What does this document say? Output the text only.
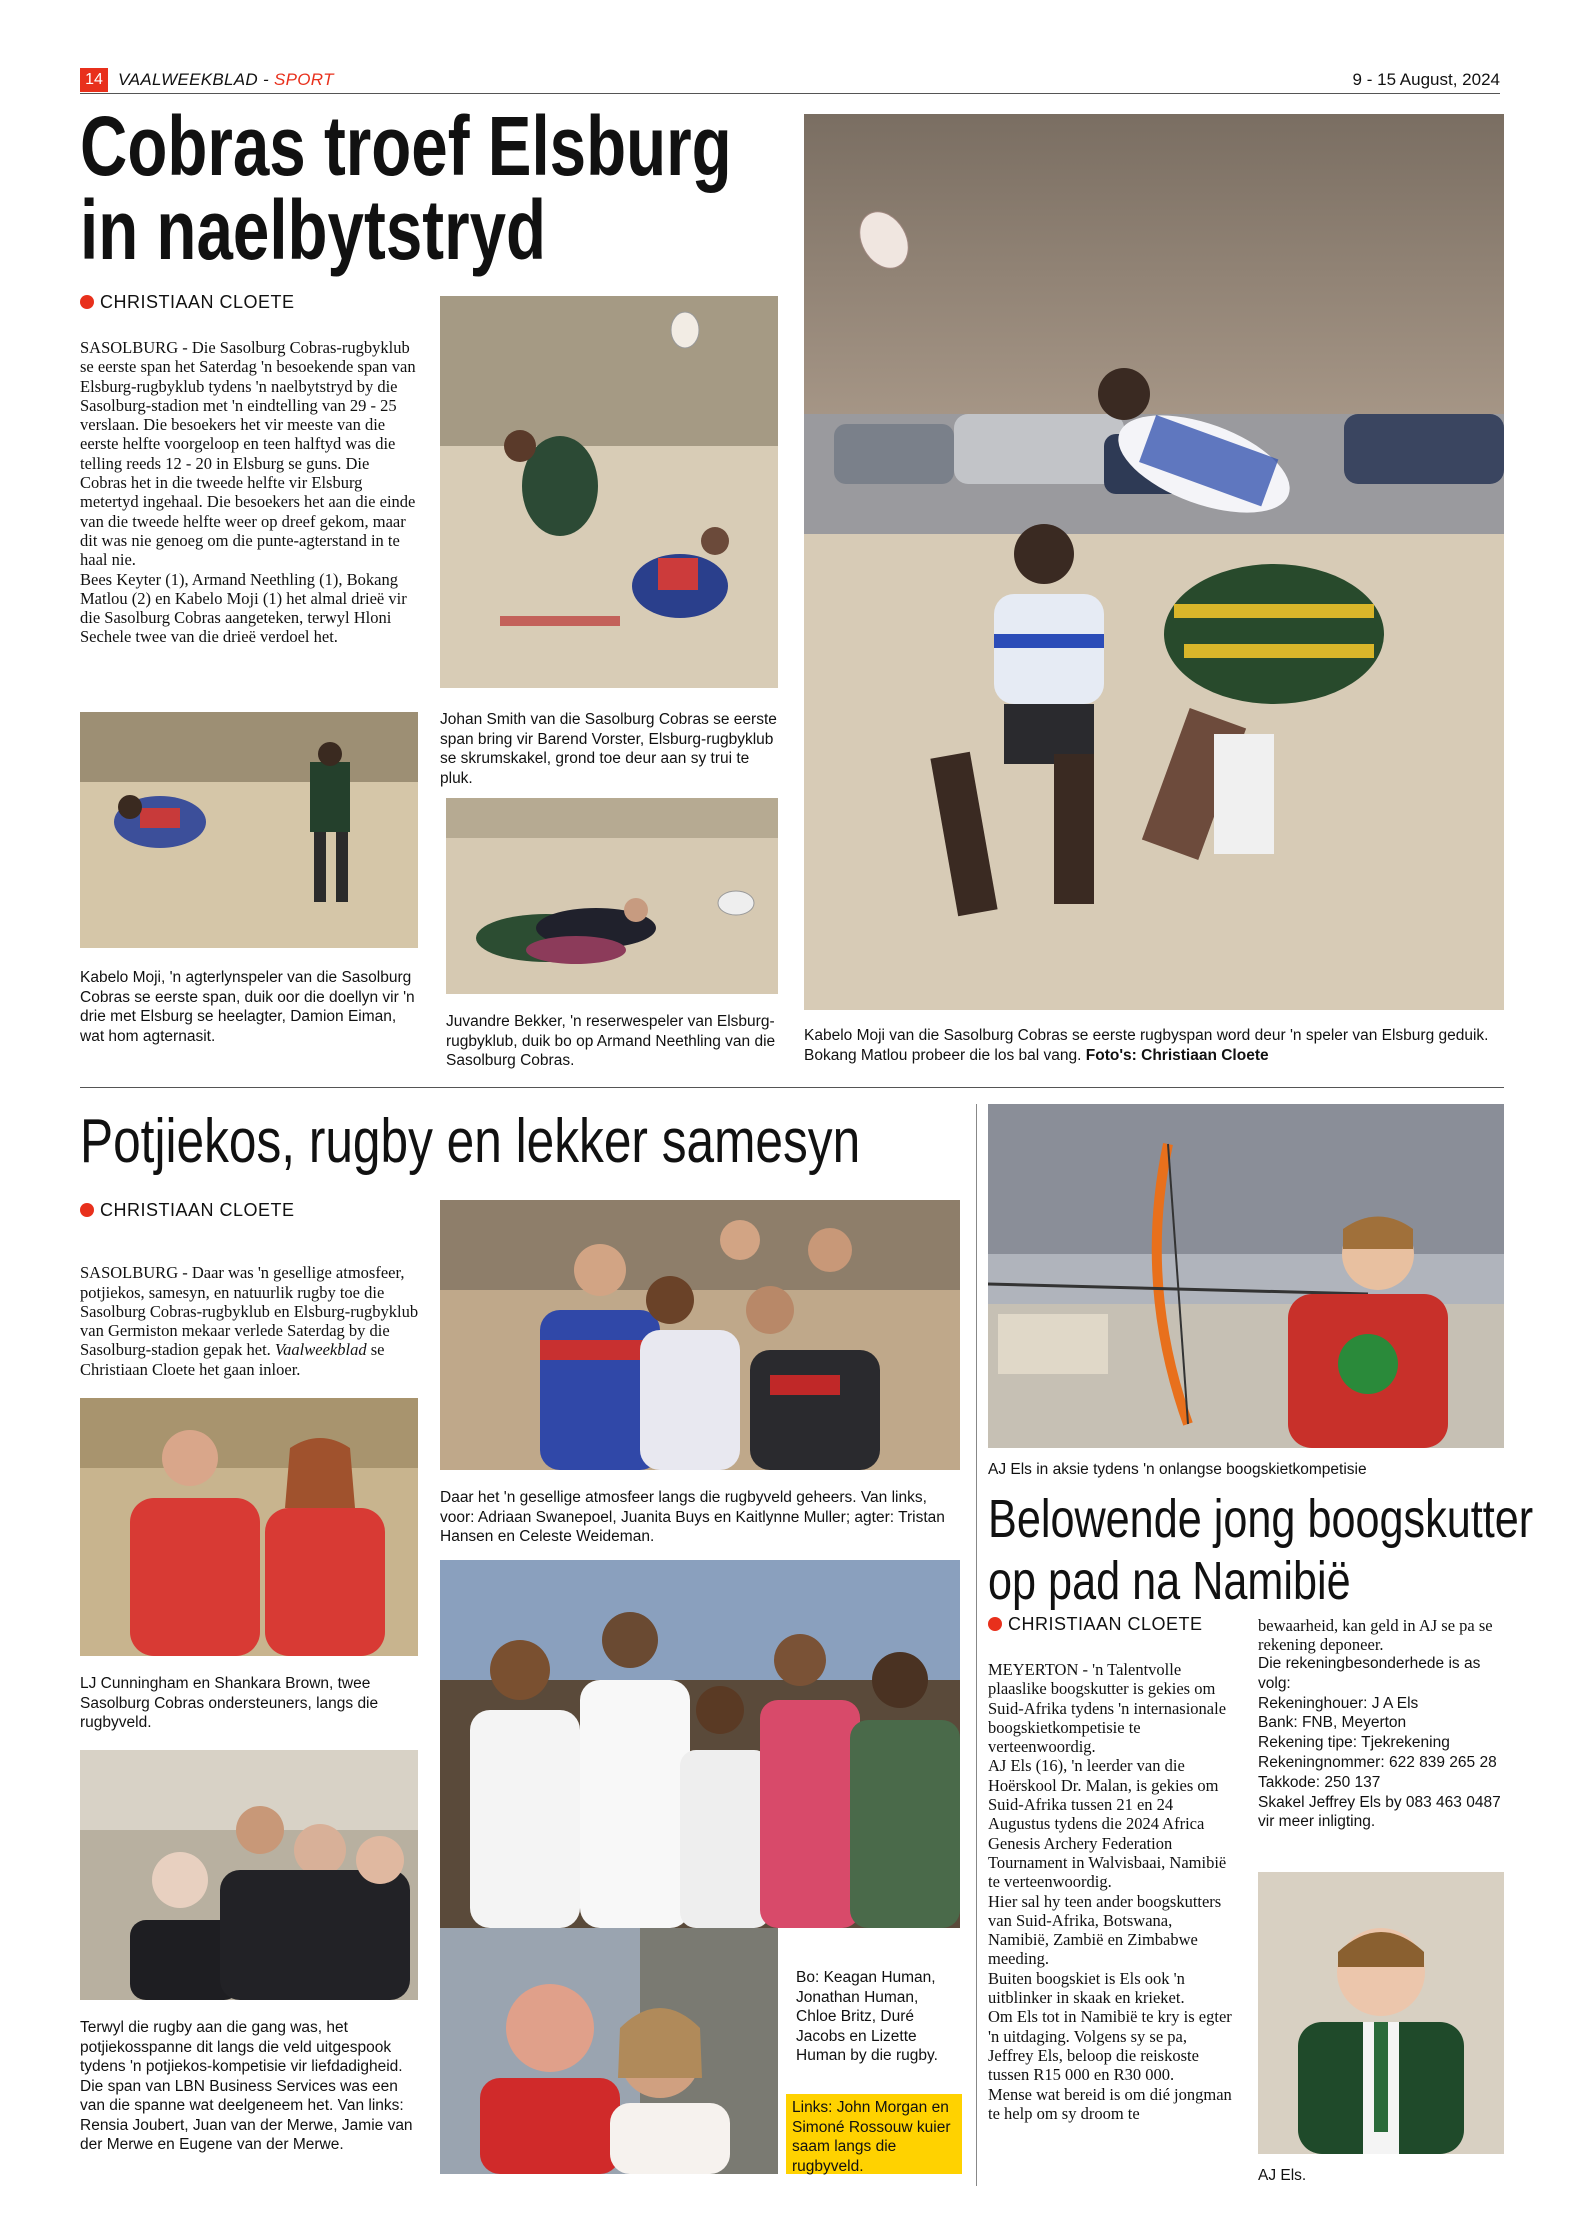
14 VAALWEEKBLAD - SPORT	9 - 15 August, 2024
Cobras troef Elsburg
in naelbytstryd
CHRISTIAAN CLOETE
SASOLBURG - Die Sasolburg Cobras-rugbyklub se eerste span het Saterdag 'n besoekende span van Elsburg-rugbyklub tydens 'n naelbytstryd by die Sasolburg-stadion met 'n eindtelling van 29 - 25 verslaan. Die besoekers het vir meeste van die eerste helfte voorgeloop en teen halftyd was die telling reeds 12 - 20 in Elsburg se guns. Die Cobras het in die tweede helfte vir Elsburg metertyd ingehaal. Die besoekers het aan die einde van die tweede helfte weer op dreef gekom, maar dit was nie genoeg om die punte-agterstand in te haal nie.
Bees Keyter (1), Armand Neethling (1), Bokang Matlou (2) en Kabelo Moji (1) het almal drieë vir die Sasolburg Cobras aangeteken, terwyl Hloni Sechele twee van die drieë verdoel het.
Johan Smith van die Sasolburg Cobras se eerste span bring vir Barend Vorster, Elsburg-rugbyklub se skrumskakel, grond toe deur aan sy trui te pluk.
Kabelo Moji, 'n agterlynspeler van die Sasolburg Cobras se eerste span, duik oor die doellyn vir 'n drie met Elsburg se heelagter, Damion Eiman, wat hom agternasit.
Juvandre Bekker, 'n reserwespeler van Elsburg-rugbyklub, duik bo op Armand Neethling van die Sasolburg Cobras.
Kabelo Moji van die Sasolburg Cobras se eerste rugbyspan word deur 'n speler van Elsburg geduik. Bokang Matlou probeer die los bal vang. Foto's: Christiaan Cloete
Potjiekos, rugby en lekker samesyn
CHRISTIAAN CLOETE

SASOLBURG - Daar was 'n gesellige atmosfeer, potjiekos, samesyn, en natuurlik rugby toe die Sasolburg Cobras-rugbyklub en Elsburg-rugbyklub van Germiston mekaar verlede Saterdag by die Sasolburg-stadion gepak het. Vaalweekblad se Christiaan Cloete het gaan inloer.

LJ Cunningham en Shankara Brown, twee Sasolburg Cobras ondersteuners, langs die rugbyveld.
Daar het 'n gesellige atmosfeer langs die rugbyveld geheers. Van links, voor: Adriaan Swanepoel, Juanita Buys en Kaitlynne Muller; agter: Tristan Hansen en Celeste Weideman.
Terwyl die rugby aan die gang was, het potjiekosspanne dit langs die veld uitgespook tydens 'n potjiekos-kompetisie vir liefdadigheid. Die span van LBN Business Services was een van die spanne wat deelgeneem het. Van links: Rensia Joubert, Juan van der Merwe, Jamie van der Merwe en Eugene van der Merwe.
Bo: Keagan Human, Jonathan Human, Chloe Britz, Duré Jacobs en Lizette Human by die rugby.
Links: John Morgan en Simoné Rossouw kuier saam langs die rugbyveld.
AJ Els in aksie tydens 'n onlangse boogskietkompetisie
Belowende jong boogskutter
op pad na Namibië
CHRISTIAAN CLOETE
MEYERTON - 'n Talentvolle plaaslike boogskutter is gekies om Suid-Afrika tydens 'n internasionale boogskietkompetisie te verteenwoordig.
AJ Els (16), 'n leerder van die Hoërskool Dr. Malan, is gekies om Suid-Afrika tussen 21 en 24 Augustus tydens die 2024 Africa Genesis Archery Federation Tournament in Walvisbaai, Namibië te verteenwoordig.
Hier sal hy teen ander boogskutters van Suid-Afrika, Botswana, Namibië, Zambië en Zimbabwe meeding.
Buiten boogskiet is Els ook 'n uitblinker in skaak en krieket.
Om Els tot in Namibië te kry is egter 'n uitdaging. Volgens sy se pa, Jeffrey Els, beloop die reiskoste tussen R15 000 en R30 000.
Mense wat bereid is om dié jongman te help om sy droom te
bewaarheid, kan geld in AJ se pa se rekening deponeer.
Die rekeningbesonderhede is as volg:
Rekeninghouer: J A Els
Bank: FNB, Meyerton
Rekening tipe: Tjekrekening
Rekeningnommer: 622 839 265 28
Takkode: 250 137
Skakel Jeffrey Els by 083 463 0487 vir meer inligting.
AJ Els.
